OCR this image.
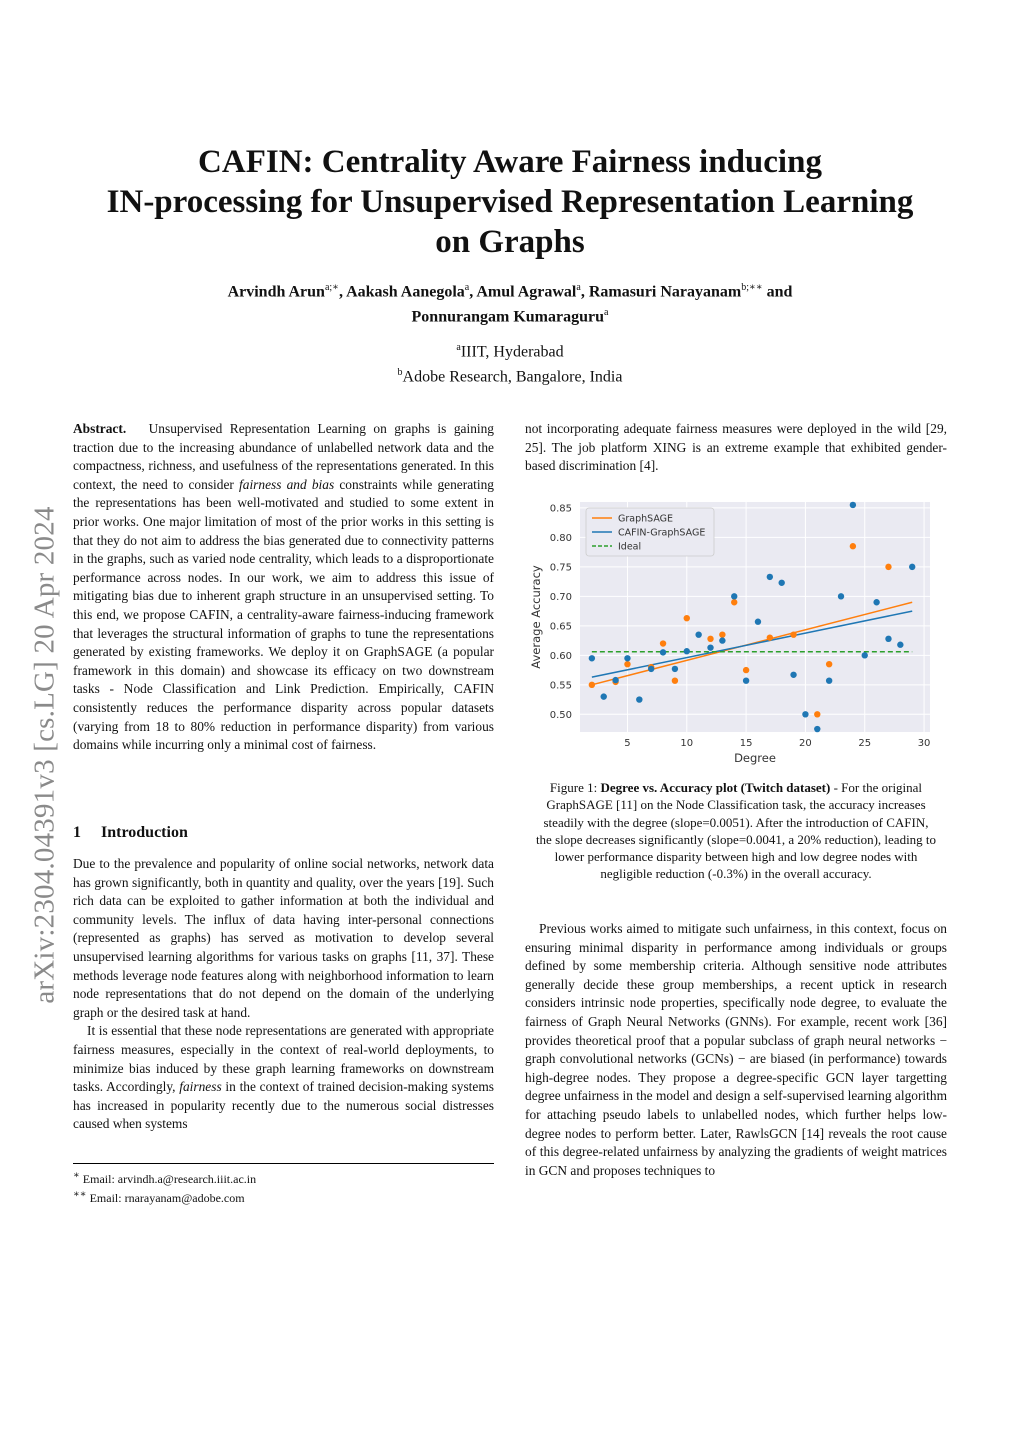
arXiv:2304.04391v3 [cs.LG] 20 Apr 2024
CAFIN: Centrality Aware Fairness inducing
IN-processing for Unsupervised Representation Learning
on Graphs
Arvindh Arun$^{a;∗}$, Aakash Aanegola$^a$, Amul Agrawal$^a$, Ramasuri Narayanam$^{b;∗∗}$ and
Ponnurangam Kumaraguru$^a$
$^a$IIIT, Hyderabad
$^b$Adobe Research, Bangalore, India
Abstract. Unsupervised Representation Learning on graphs is gaining traction due to the increasing abundance of unlabelled network data and the compactness, richness, and usefulness of the representations generated. In this context, the need to consider fairness and bias constraints while generating the representations has been well-motivated and studied to some extent in prior works. One major limitation of most of the prior works in this setting is that they do not aim to address the bias generated due to connectivity patterns in the graphs, such as varied node centrality, which leads to a disproportionate performance across nodes. In our work, we aim to address this issue of mitigating bias due to inherent graph structure in an unsupervised setting. To this end, we propose CAFIN, a centrality-aware fairness-inducing framework that leverages the structural information of graphs to tune the representations generated by existing frameworks. We deploy it on GraphSAGE (a popular framework in this domain) and showcase its efficacy on two downstream tasks - Node Classification and Link Prediction. Empirically, CAFIN consistently reduces the performance disparity across popular datasets (varying from 18 to 80% reduction in performance disparity) from various domains while incurring only a minimal cost of fairness.
1 Introduction

Due to the prevalence and popularity of online social networks, network data has grown significantly, both in quantity and quality, over the years [19]. Such rich data can be exploited to gather information at both the individual and community levels. The influx of data having inter-personal connections (represented as graphs) has served as motivation to develop several unsupervised learning algorithms for various tasks on graphs [11, 37]. These methods leverage node features along with neighborhood information to learn node representations that do not depend on the domain of the underlying graph or the desired task at hand.

It is essential that these node representations are generated with appropriate fairness measures, especially in the context of real-world deployments, to minimize bias induced by these graph learning frameworks on downstream tasks. Accordingly, fairness in the context of trained decision-making systems has increased in popularity recently due to the numerous social distresses caused when systems

∗ Email: arvindh.a@research.iiit.ac.in
∗∗ Email: rnarayanam@adobe.com
not incorporating adequate fairness measures were deployed in the wild [29, 25]. The job platform XING is an extreme example that exhibited gender-based discrimination [4].
5	10	15	20	25	30
0.50
0.55
0.60
0.65
0.70
0.75
0.80
0.85
Degree
Average Accuracy
GraphSAGE
CAFIN-GraphSAGE
Ideal
Figure 1: Degree vs. Accuracy plot (Twitch dataset) - For the original GraphSAGE [11] on the Node Classification task, the accuracy increases steadily with the degree (slope=0.0051). After the introduction of CAFIN, the slope decreases significantly (slope=0.0041, a 20% reduction), leading to lower performance disparity between high and low degree nodes with negligible reduction (-0.3%) in the overall accuracy.

Previous works aimed to mitigate such unfairness, in this context, focus on ensuring minimal disparity in performance among individuals or groups defined by some membership criteria. Although sensitive node attributes generally decide these group memberships, a recent uptick in research considers intrinsic node properties, specifically node degree, to evaluate the fairness of Graph Neural Networks (GNNs). For example, recent work [36] provides theoretical proof that a popular subclass of graph neural networks − graph convolutional networks (GCNs) − are biased (in performance) towards high-degree nodes. They propose a degree-specific GCN layer targetting degree unfairness in the model and design a self-supervised learning algorithm for attaching pseudo labels to unlabelled nodes, which further helps low-degree nodes to perform better. Later, RawlsGCN [14] reveals the root cause of this degree-related unfairness by analyzing the gradients of weight matrices in GCN and proposes techniques to
